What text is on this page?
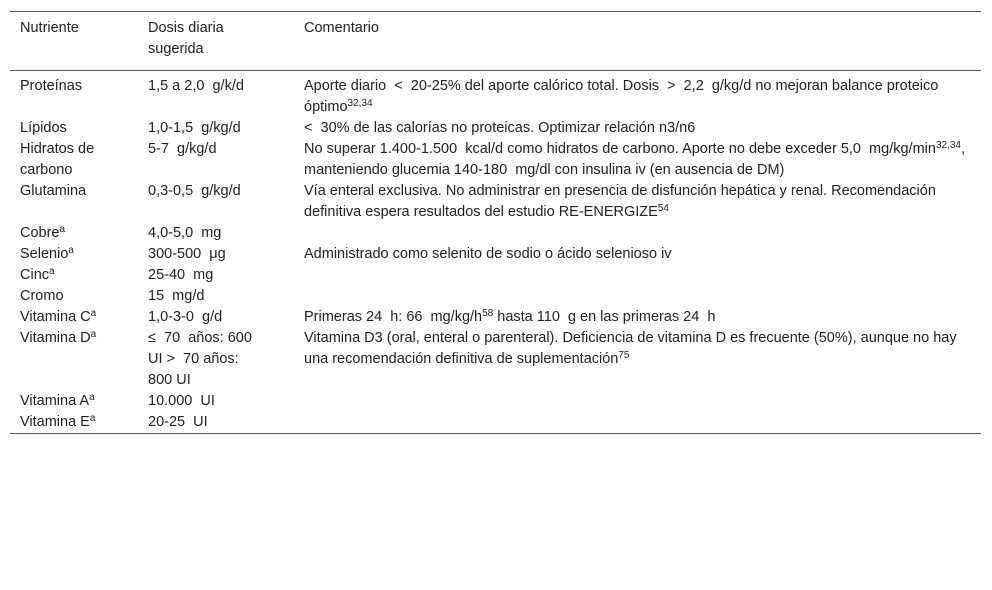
Nutriente	Dosis diaria sugerida	Comentario
Proteínas	1,5 a 2,0  g/k/d	Aporte diario  <  20-25% del aporte calórico total. Dosis  >  2,2  g/kg/d no mejoran balance proteico óptimo$^{32,34}$
Lípidos	1,0-1,5  g/kg/d	<  30% de las calorías no proteicas. Optimizar relación n3/n6
Hidratos de carbono	5-7  g/kg/d	No superar 1.400-1.500  kcal/d como hidratos de carbono. Aporte no debe exceder 5,0  $mg/kg/\min^{32,34}$, manteniendo glucemia 140-180  mg/dl con insulina iv (en ausencia de DM)
Glutamina	0,3-0,5  g/kg/d	Vía enteral exclusiva. No administrar en presencia de disfunción hepática y renal. Recomendación definitiva espera resultados del estudio RE-ENERGIZE$^{54}$
Cobre$^a$	4,0-5,0  mg	
Selenio$^a$	300-500  μg	Administrado como selenito de sodio o ácido selenioso iv
Cinc$^a$	25-40  mg	
Cromo	15  mg/d	
Vitamina $C^a$	1,0-3-0  g/d	Primeras 24  h: 66  $mg/kg/h^{58}$ hasta 110  g en las primeras 24  h
Vitamina $D^a$	≤  70  años: 600  UI >  70 años: 800 UI	Vitamina D3 (oral, enteral o parenteral). Deficiencia de vitamina D es frecuente (50%), aunque no hay una recomendación definitiva de suplementación$^{75}$
Vitamina $A^a$	10.000  UI	
Vitamina $E^a$	20-25  UI	
